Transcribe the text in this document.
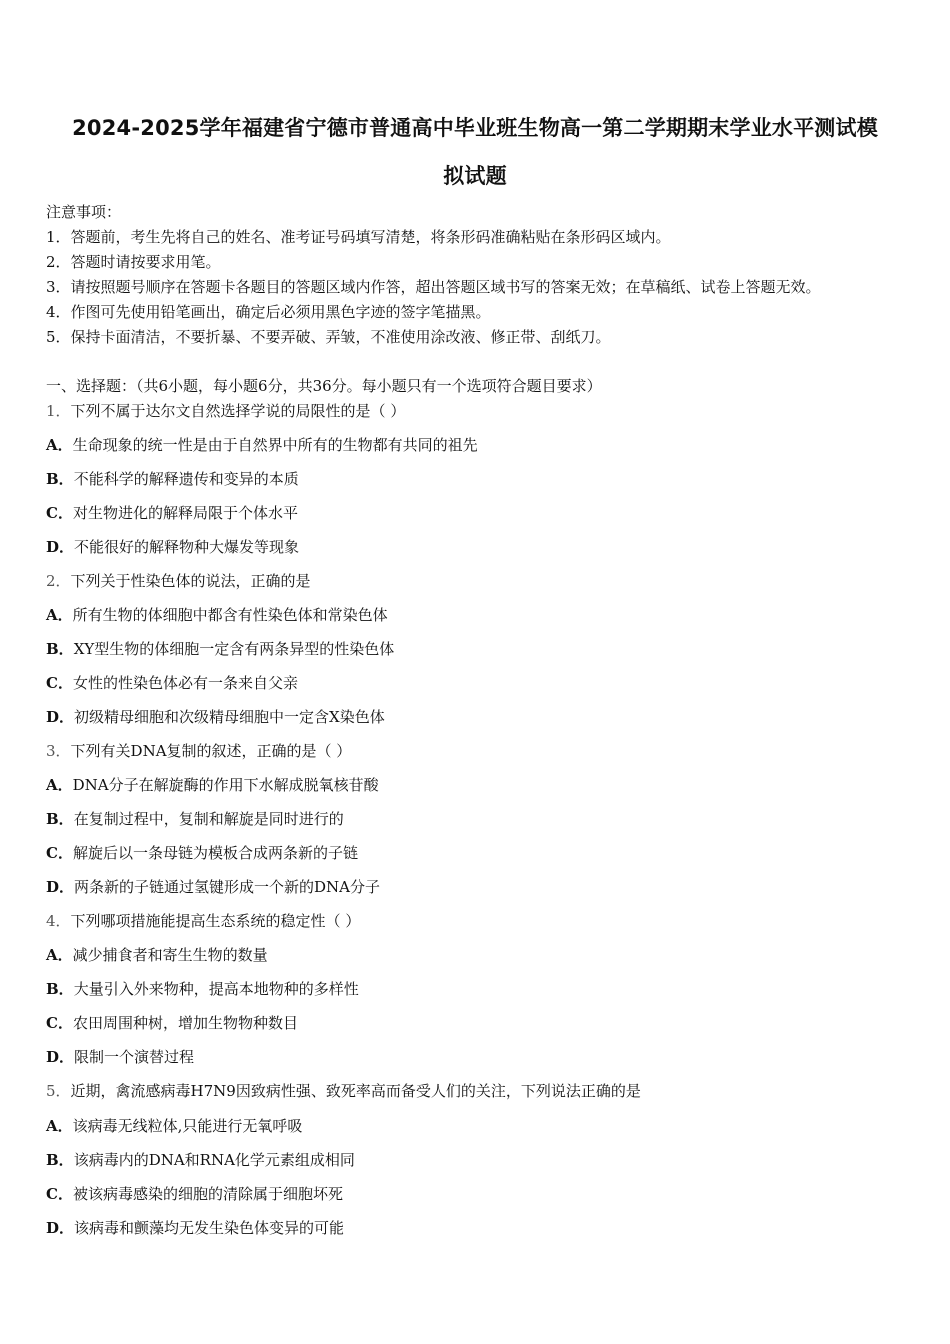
2024-2025学年福建省宁德市普通高中毕业班生物高一第二学期期末学业水平测试模
拟试题
注意事项：
1．答题前，考生先将自己的姓名、准考证号码填写清楚，将条形码准确粘贴在条形码区域内。
2．答题时请按要求用笔。
3．请按照题号顺序在答题卡各题目的答题区域内作答，超出答题区域书写的答案无效；在草稿纸、试卷上答题无效。
4．作图可先使用铅笔画出，确定后必须用黑色字迹的签字笔描黑。
5．保持卡面清洁，不要折暴、不要弄破、弄皱，不准使用涂改液、修正带、刮纸刀。
一、选择题：（共6小题，每小题6分，共36分。每小题只有一个选项符合题目要求）
1．下列不属于达尔文自然选择学说的局限性的是（ ）
A．生命现象的统一性是由于自然界中所有的生物都有共同的祖先
B．不能科学的解释遗传和变异的本质
C．对生物进化的解释局限于个体水平
D．不能很好的解释物种大爆发等现象
2．下列关于性染色体的说法，正确的是
A．所有生物的体细胞中都含有性染色体和常染色体
B．XY型生物的体细胞一定含有两条异型的性染色体
C．女性的性染色体必有一条来自父亲
D．初级精母细胞和次级精母细胞中一定含X染色体
3．下列有关DNA复制的叙述，正确的是（ ）
A．DNA分子在解旋酶的作用下水解成脱氧核苷酸
B．在复制过程中，复制和解旋是同时进行的
C．解旋后以一条母链为模板合成两条新的子链
D．两条新的子链通过氢键形成一个新的DNA分子
4．下列哪项措施能提高生态系统的稳定性（ ）
A．减少捕食者和寄生生物的数量
B．大量引入外来物种，提高本地物种的多样性
C．农田周围种树，增加生物物种数目
D．限制一个演替过程
5．近期，禽流感病毒H7N9因致病性强、致死率高而备受人们的关注，下列说法正确的是
A．该病毒无线粒体,只能进行无氧呼吸
B．该病毒内的DNA和RNA化学元素组成相同
C．被该病毒感染的细胞的清除属于细胞坏死
D．该病毒和颤藻均无发生染色体变异的可能
